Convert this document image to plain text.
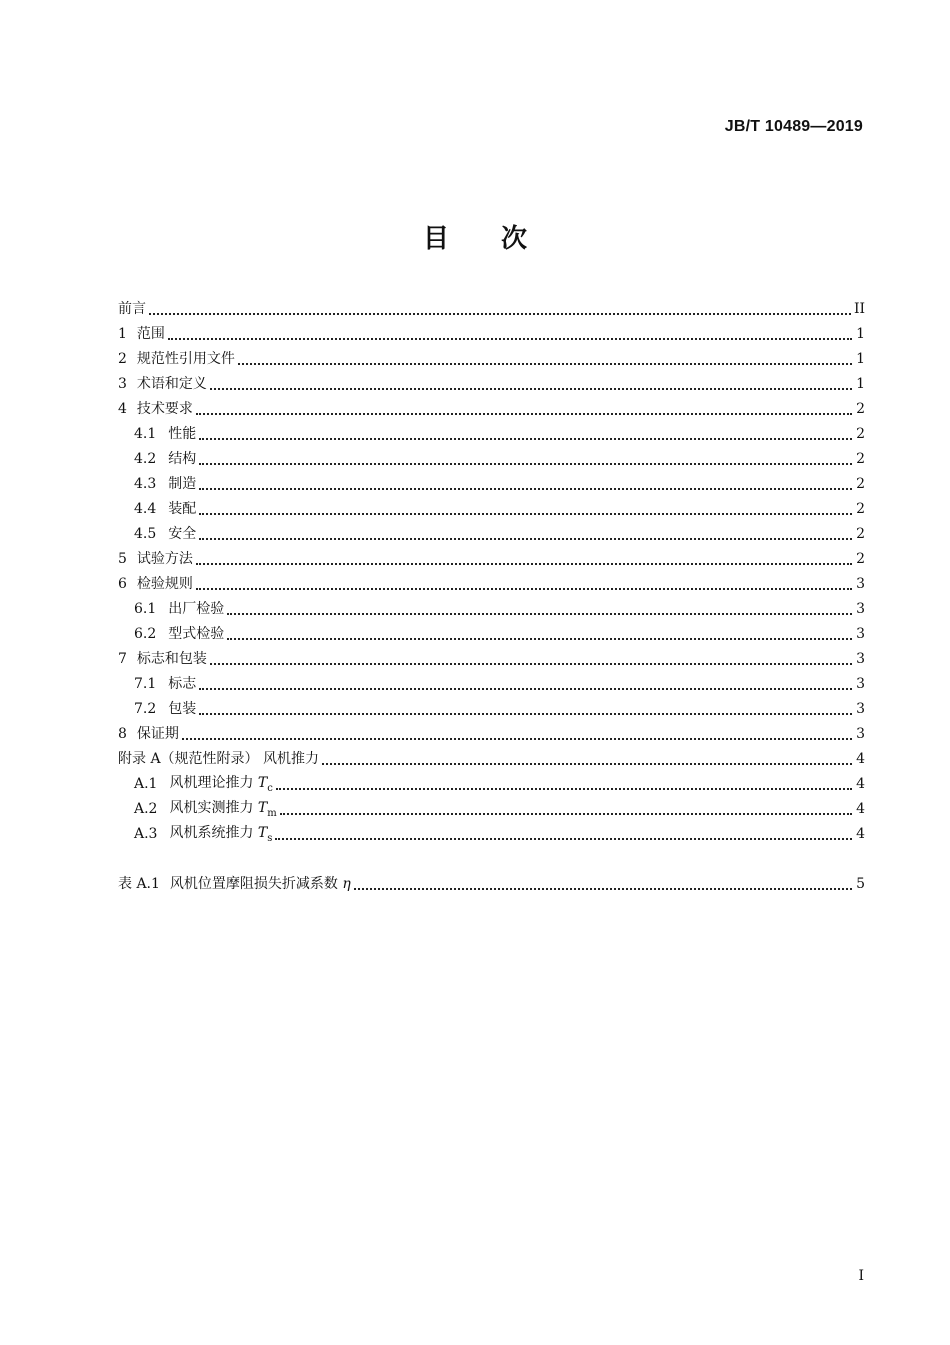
JB/T 10489—2019
目 次
前言	II
1 范围	1
2 规范性引用文件	1
3 术语和定义	1
4 技术要求	2
4.1 性能	2
4.2 结构	2
4.3 制造	2
4.4 装配	2
4.5 安全	2
5 试验方法	2
6 检验规则	3
6.1 出厂检验	3
6.2 型式检验	3
7 标志和包装	3
7.1 标志	3
7.2 包装	3
8 保证期	3
附录 A（规范性附录） 风机推力	4
A.1 风机理论推力 $T_c$	4
A.2 风机实测推力 $T_m$	4
A.3 风机系统推力 $T_s$	4
表 A.1 风机位置摩阻损失折减系数 η	5
I
